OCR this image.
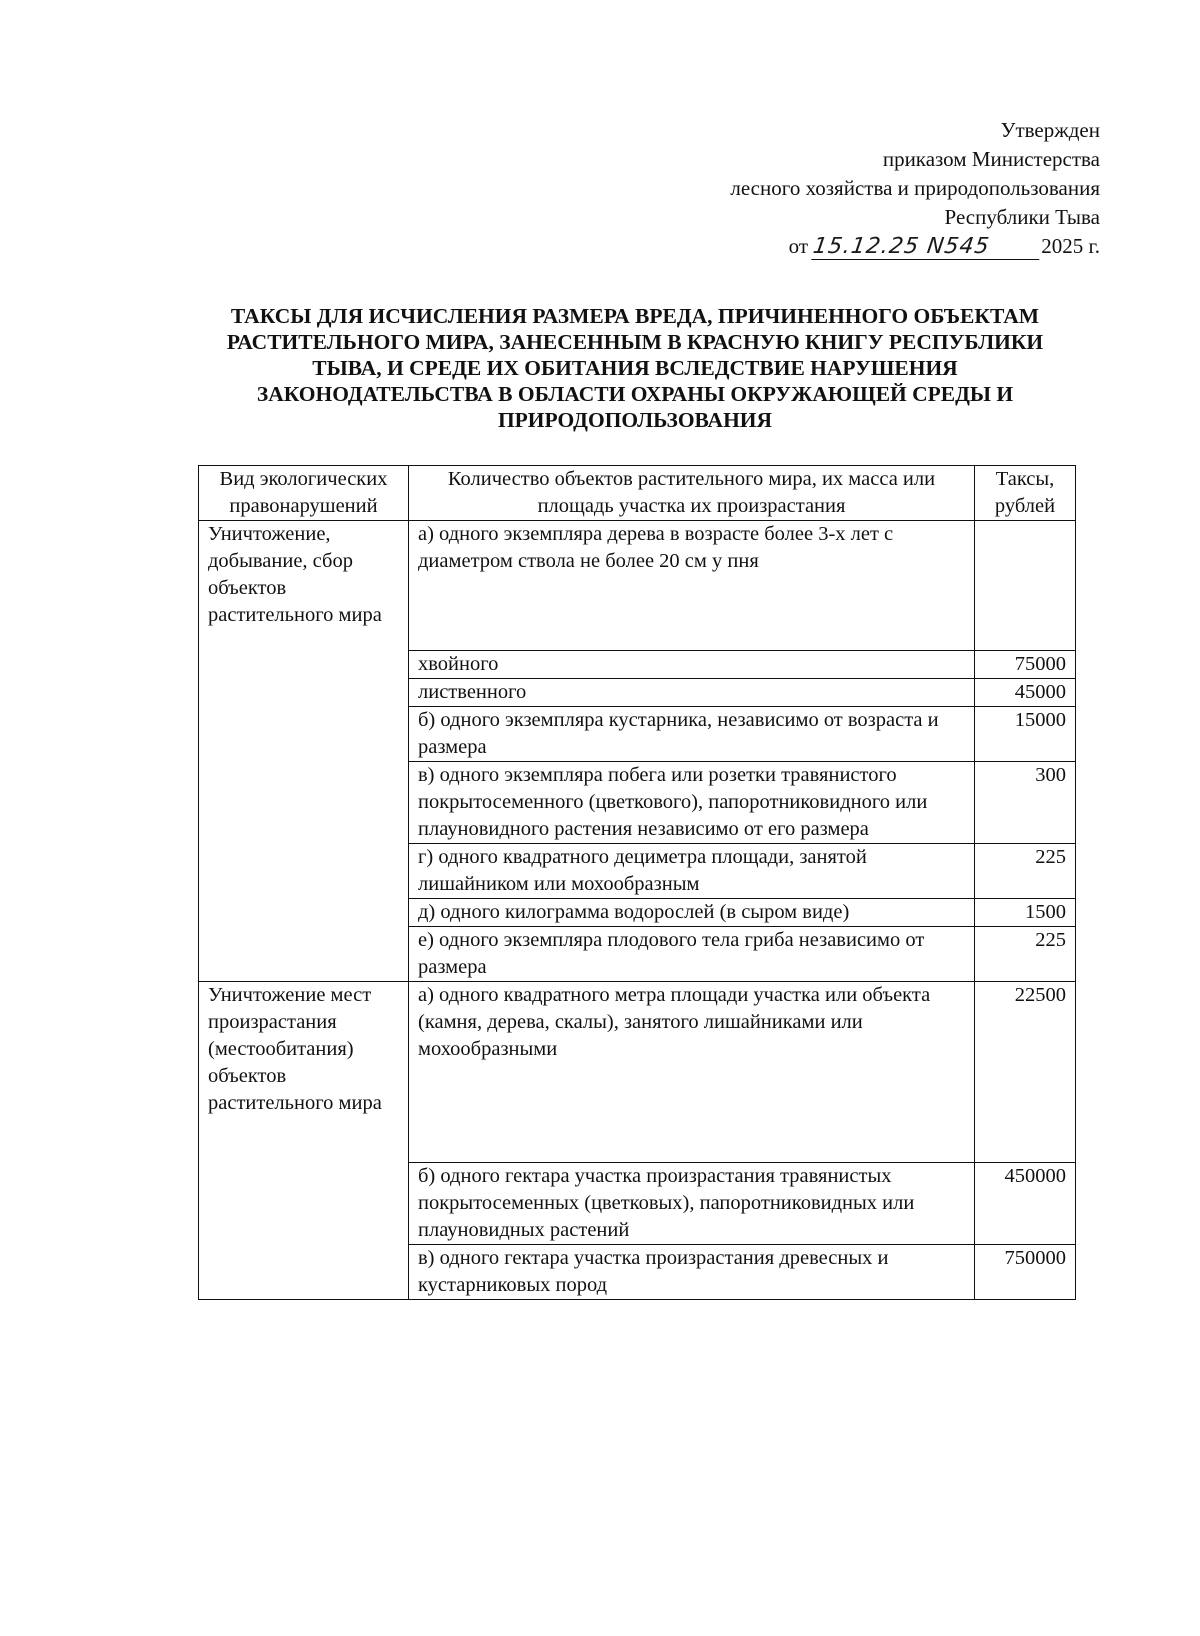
Утвержден
приказом Министерства
лесного хозяйства и природопользования
Республики Тыва
от 15.12.25 N545 2025 г.
ТАКСЫ ДЛЯ ИСЧИСЛЕНИЯ РАЗМЕРА ВРЕДА, ПРИЧИНЕННОГО ОБЪЕКТАМ РАСТИТЕЛЬНОГО МИРА, ЗАНЕСЕННЫМ В КРАСНУЮ КНИГУ РЕСПУБЛИКИ ТЫВА, И СРЕДЕ ИХ ОБИТАНИЯ ВСЛЕДСТВИЕ НАРУШЕНИЯ ЗАКОНОДАТЕЛЬСТВА В ОБЛАСТИ ОХРАНЫ ОКРУЖАЮЩЕЙ СРЕДЫ И ПРИРОДОПОЛЬЗОВАНИЯ
Вид экологических правонарушений	Количество объектов растительного мира, их масса или площадь участка их произрастания	Таксы, рублей
Уничтожение, добывание, сбор объектов растительного мира	а) одного экземпляра дерева в возрасте более 3-х лет с диаметром ствола не более 20 см у пня	
	хвойного	75000
	лиственного	45000
	б) одного экземпляра кустарника, независимо от возраста и размера	15000
	в) одного экземпляра побега или розетки травянистого покрытосеменного (цветкового), папоротниковидного или плауновидного растения независимо от его размера	300
	г) одного квадратного дециметра площади, занятой лишайником или мохообразным	225
	д) одного килограмма водорослей (в сыром виде)	1500
	е) одного экземпляра плодового тела гриба независимо от размера	225
Уничтожение мест произрастания (местообитания) объектов растительного мира	а) одного квадратного метра площади участка или объекта (камня, дерева, скалы), занятого лишайниками или мохообразными	22500
	б) одного гектара участка произрастания травянистых покрытосеменных (цветковых), папоротниковидных или плауновидных растений	450000
	в) одного гектара участка произрастания древесных и кустарниковых пород	750000
